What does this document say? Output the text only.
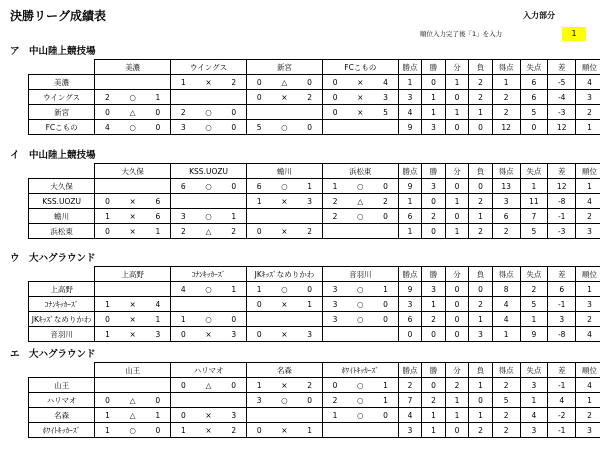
決勝リーグ成績表	入力部分
順位入力完了後「1」を入力	1
ア　中山陸上競技場
	美濃	ウイングス	新宮	FCこもの	勝点	勝	分	負	得点	失点	差	順位
美濃		1 × 2	0 △ 0	0 × 4	1	0	1	2	1	6	-5	4
ウイングス	2 ○ 1		0 × 2	0 × 3	3	1	0	2	2	6	-4	3
新宮	0 △ 0	2 ○ 0		0 × 5	4	1	1	1	2	5	-3	2
FCこもの	4 ○ 0	3 ○ 0	5 ○ 0		9	3	0	0	12	0	12	1
イ　中山陸上競技場
	大久保	KSS.UOZU	蟾川	浜松東	勝点	勝	分	負	得点	失点	差	順位
大久保		6 ○ 0	6 ○ 1	1 ○ 0	9	3	0	0	13	1	12	1
KSS.UOZU	0 × 6		1 × 3	2 △ 2	1	0	1	2	3	11	-8	4
蟾川	1 × 6	3 ○ 1		2 ○ 0	6	2	0	1	6	7	-1	2
浜松東	0 × 1	2 △ 2	0 × 2		1	0	1	2	2	5	-3	3
ウ　大ハグラウンド
	上高野	ｺﾅﾝｷｯｶｰｽﾞ	JKｷｯｽﾞなめりかわ	音羽川	勝点	勝	分	負	得点	失点	差	順位
上高野		4 ○ 1	1 ○ 0	3 ○ 1	9	3	0	0	8	2	6	1
ｺﾅﾝｷｯｶｰｽﾞ	1 × 4		0 × 1	3 ○ 0	3	1	0	2	4	5	-1	3
JKｷｯｽﾞなめりかわ	0 × 1	1 ○ 0		3 ○ 0	6	2	0	1	4	1	3	2
音羽川	1 × 3	0 × 3	0 × 3		0	0	0	3	1	9	-8	4
エ　大ハグラウンド
	山王	ハリマオ	名森	ﾎﾜｲﾄｷｯｶｰｽﾞ	勝点	勝	分	負	得点	失点	差	順位
山王		0 △ 0	1 × 2	0 ○ 1	2	0	2	1	2	3	-1	4
ハリマオ	0 △ 0		3 ○ 0	2 ○ 1	7	2	1	0	5	1	4	1
名森	1 △ 1	0 × 3		1 ○ 0	4	1	1	1	2	4	-2	2
ﾎﾜｲﾄｷｯｶｰｽﾞ	1 ○ 0	1 × 2	0 × 1		3	1	0	2	2	3	-1	3
